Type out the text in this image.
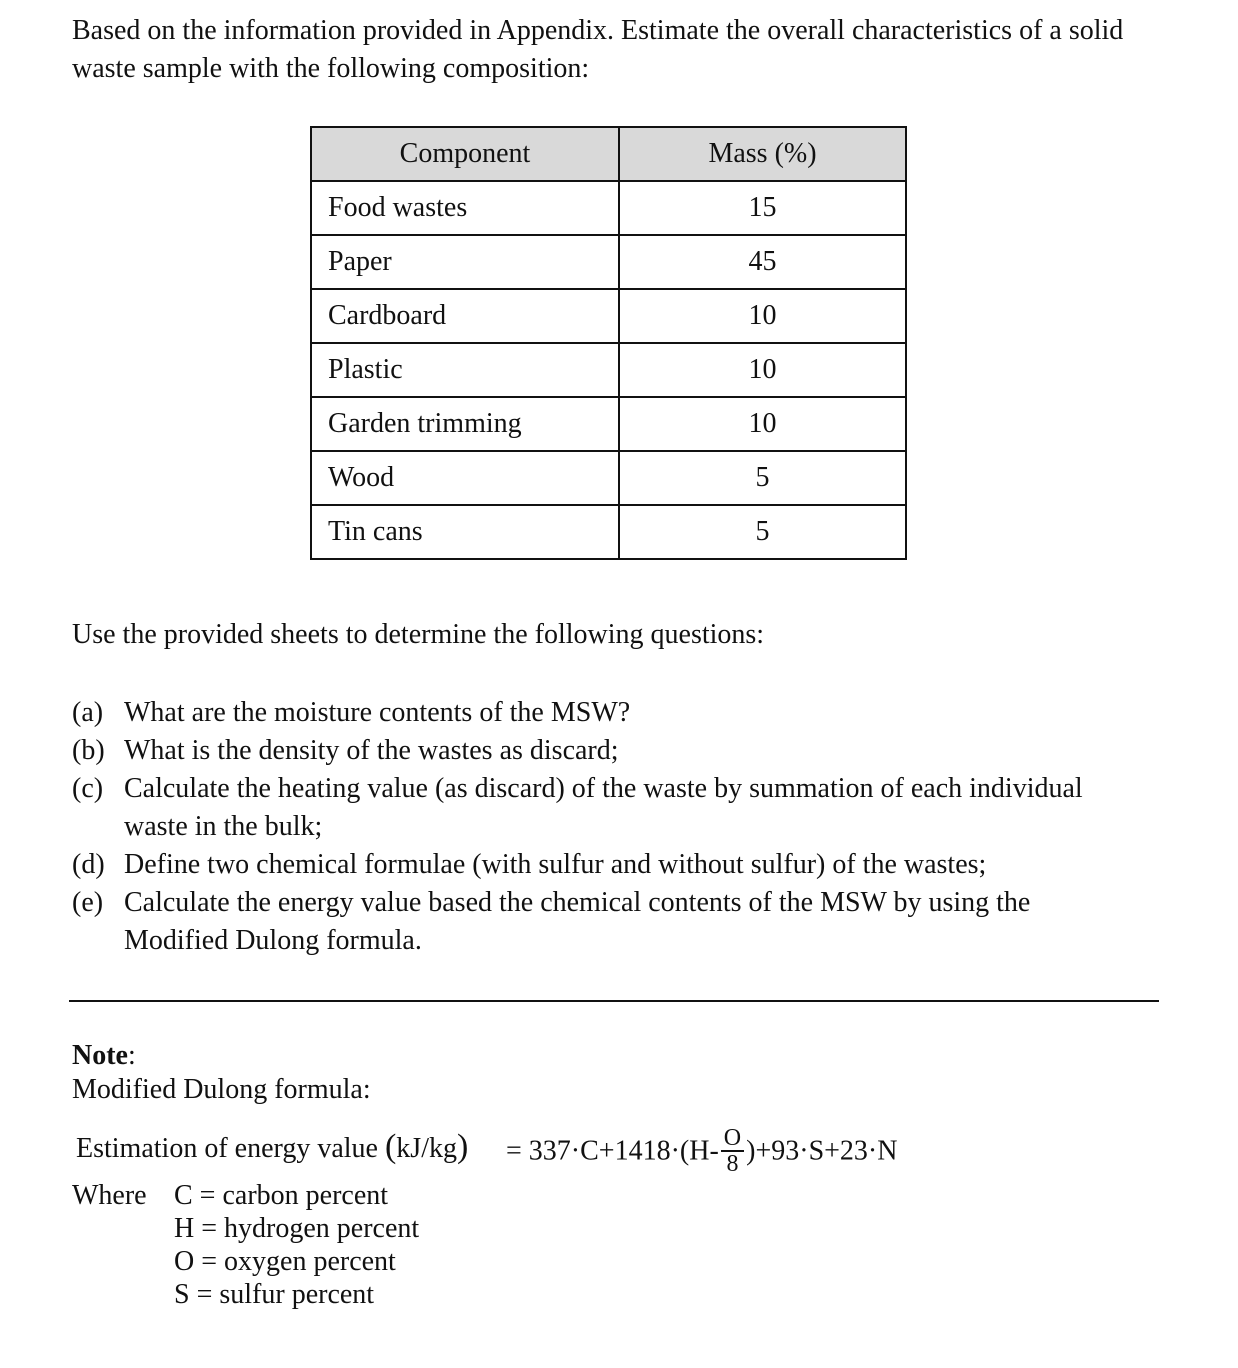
Based on the information provided in Appendix. Estimate the overall characteristics of a solid
waste sample with the following composition:

Component	Mass (%)
Food wastes	15
Paper	45
Cardboard	10
Plastic	10
Garden trimming	10
Wood	5
Tin cans	5

Use the provided sheets to determine the following questions:

(a) What are the moisture contents of the MSW?
(b) What is the density of the wastes as discard;
(c) Calculate the heating value (as discard) of the waste by summation of each individual waste in the bulk;
(d) Define two chemical formulae (with sulfur and without sulfur) of the wastes;
(e) Calculate the energy value based the chemical contents of the MSW by using the Modified Dulong formula.

Note:

Modified Dulong formula:

Estimation of energy value $(kJ/kg) = 337\cdot C+1418\cdot(H- \frac{O}{8} )+93\cdot S+23\cdot N$
Where C = carbon percent
H = hydrogen percent
O = oxygen percent
S = sulfur percent
